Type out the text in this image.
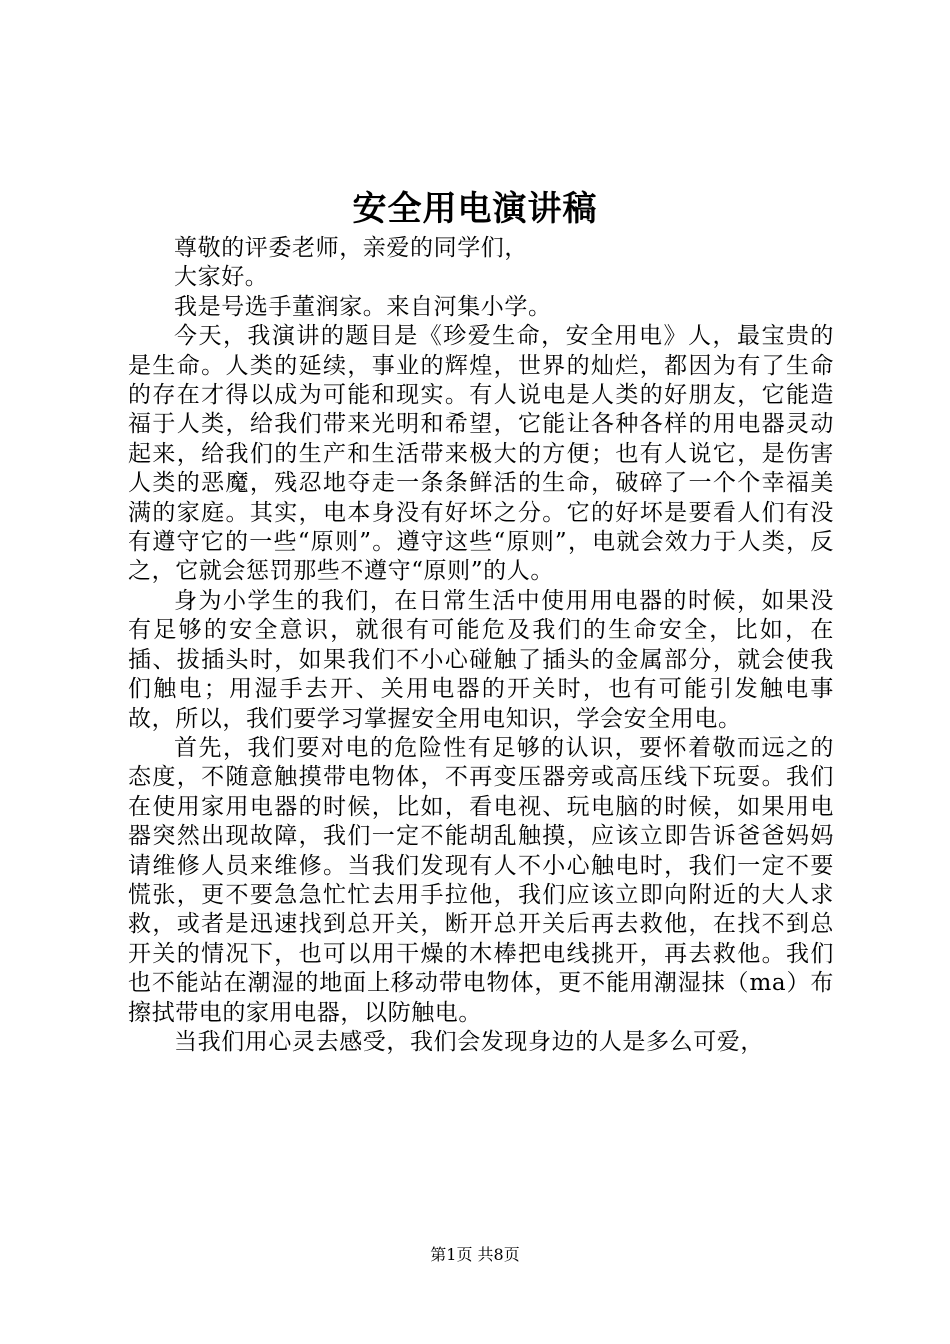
安全用电演讲稿

尊敬的评委老师，亲爱的同学们，

大家好。

我是号选手董润家。来自河集小学。

今天，我演讲的题目是《珍爱生命，安全用电》人，最宝贵的是生命。人类的延续，事业的辉煌，世界的灿烂，都因为有了生命的存在才得以成为可能和现实。有人说电是人类的好朋友，它能造福于人类，给我们带来光明和希望，它能让各种各样的用电器灵动起来，给我们的生产和生活带来极大的方便；也有人说它，是伤害人类的恶魔，残忍地夺走一条条鲜活的生命，破碎了一个个幸福美满的家庭。其实，电本身没有好坏之分。它的好坏是要看人们有没有遵守它的一些“原则”。遵守这些“原则”，电就会效力于人类，反之，它就会惩罚那些不遵守“原则”的人。

身为小学生的我们，在日常生活中使用用电器的时候，如果没有足够的安全意识，就很有可能危及我们的生命安全，比如，在插、拔插头时，如果我们不小心碰触了插头的金属部分，就会使我们触电；用湿手去开、关用电器的开关时，也有可能引发触电事故，所以，我们要学习掌握安全用电知识，学会安全用电。

首先，我们要对电的危险性有足够的认识，要怀着敬而远之的态度，不随意触摸带电物体，不再变压器旁或高压线下玩耍。我们在使用家用电器的时候，比如，看电视、玩电脑的时候，如果用电器突然出现故障，我们一定不能胡乱触摸，应该立即告诉爸爸妈妈请维修人员来维修。当我们发现有人不小心触电时，我们一定不要慌张，更不要急急忙忙去用手拉他，我们应该立即向附近的大人求救，或者是迅速找到总开关，断开总开关后再去救他，在找不到总开关的情况下，也可以用干燥的木棒把电线挑开，再去救他。我们也不能站在潮湿的地面上移动带电物体，更不能用潮湿抹（ma）布擦拭带电的家用电器，以防触电。

当我们用心灵去感受，我们会发现身边的人是多么可爱，

第1页 共8页
